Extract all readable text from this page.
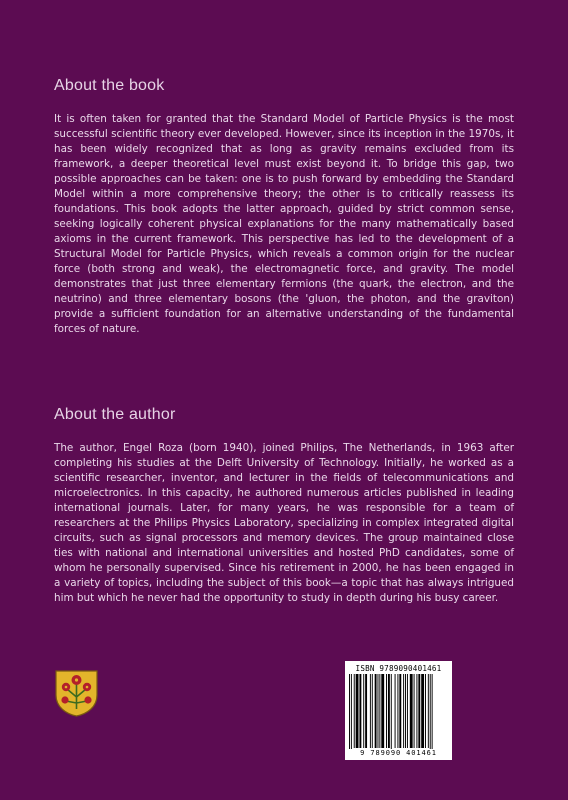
About the book

It is often taken for granted that the Standard Model of Particle Physics is the most successful scientific theory ever developed. However, since its inception in the 1970s, it has been widely recognized that as long as gravity remains excluded from its framework, a deeper theoretical level must exist beyond it. To bridge this gap, two possible approaches can be taken: one is to push forward by embedding the Standard Model within a more comprehensive theory; the other is to critically reassess its foundations. This book adopts the latter approach, guided by strict common sense, seeking logically coherent physical explanations for the many mathematically based axioms in the current framework. This perspective has led to the development of a Structural Model for Particle Physics, which reveals a common origin for the nuclear force (both strong and weak), the electromagnetic force, and gravity. The model demonstrates that just three elementary fermions (the quark, the electron, and the neutrino) and three elementary bosons (the 'gluon, the photon, and the graviton) provide a sufficient foundation for an alternative understanding of the fundamental forces of nature.

About the author

The author, Engel Roza (born 1940), joined Philips, The Netherlands, in 1963 after completing his studies at the Delft University of Technology. Initially, he worked as a scientific researcher, inventor, and lecturer in the fields of telecommunications and microelectronics. In this capacity, he authored numerous articles published in leading international journals. Later, for many years, he was responsible for a team of researchers at the Philips Physics Laboratory, specializing in complex integrated digital circuits, such as signal processors and memory devices. The group maintained close ties with national and international universities and hosted PhD candidates, some of whom he personally supervised. Since his retirement in 2000, he has been engaged in a variety of topics, including the subject of this book—a topic that has always intrigued him but which he never had the opportunity to study in depth during his busy career.

ISBN 9789090401461
9 789090 401461
